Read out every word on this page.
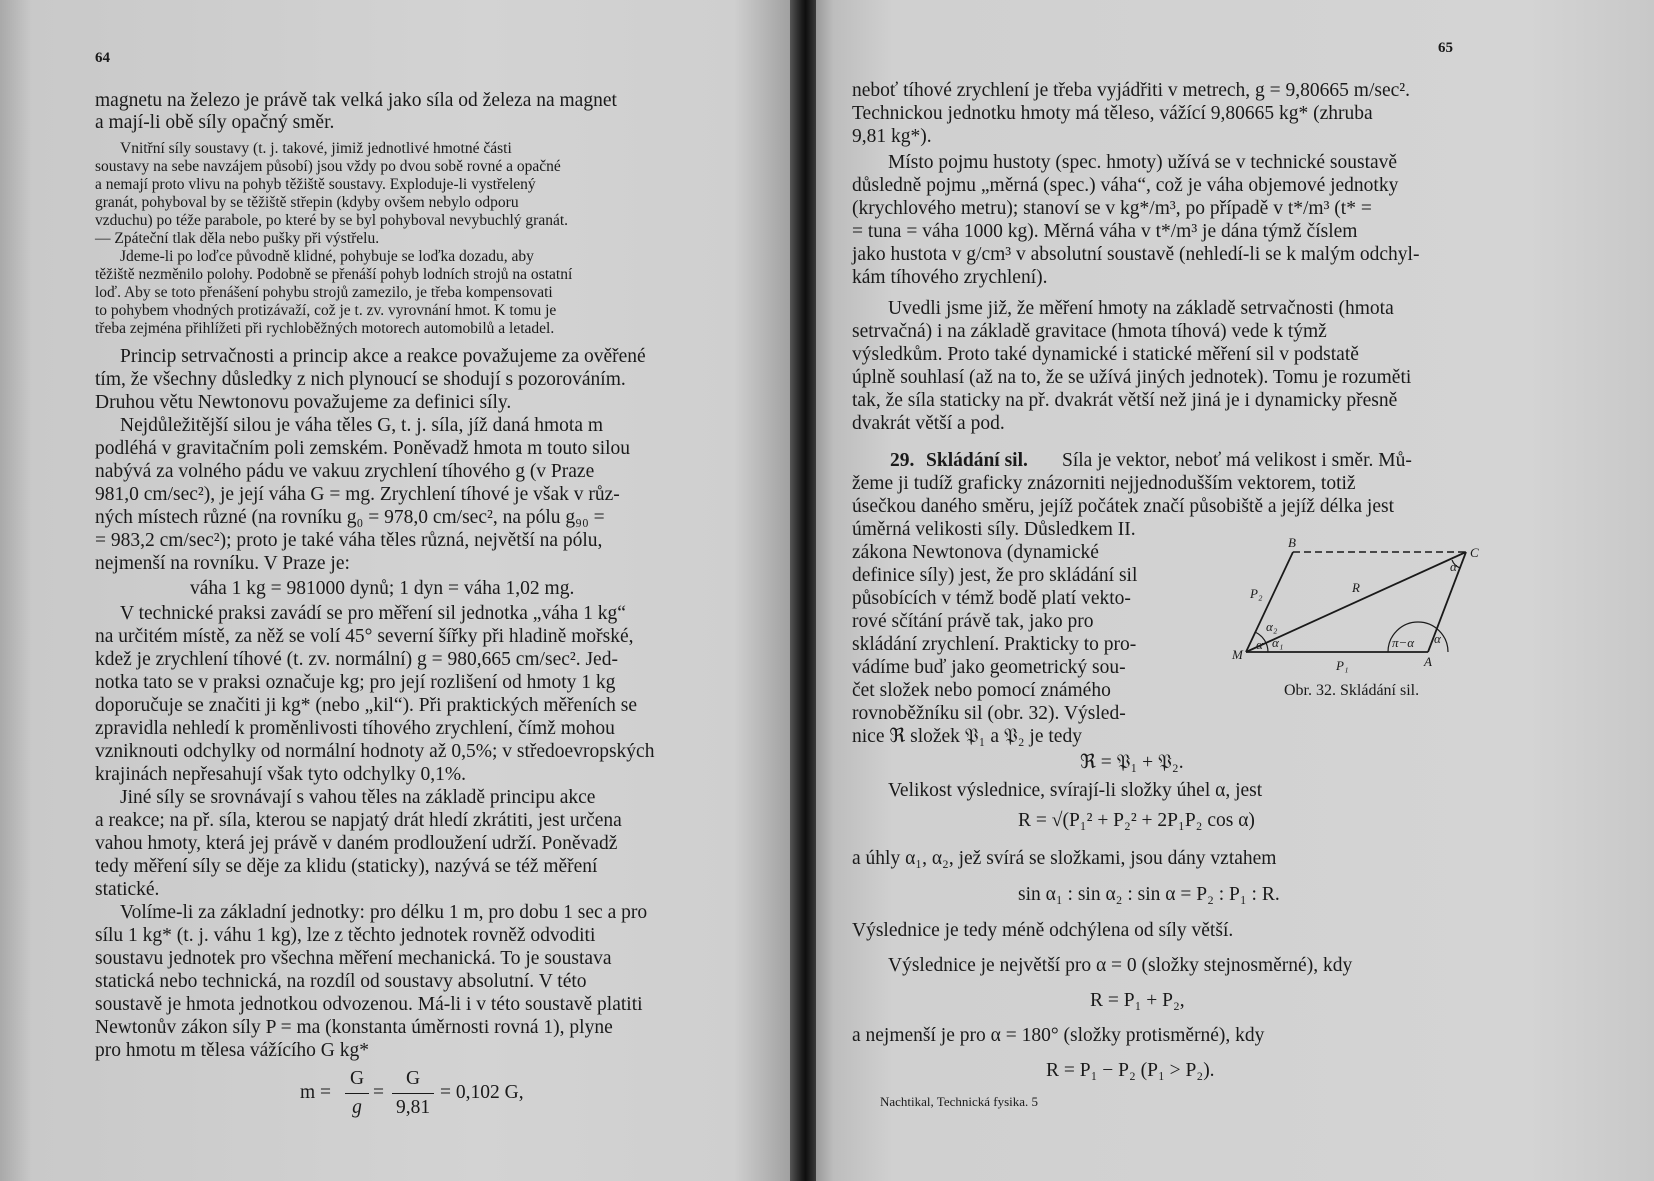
64
magnetu na železo je právě tak velká jako síla od železa na magnet
a mají-li obě síly opačný směr.
Vnitřní síly soustavy (t. j. takové, jimiž jednotlivé hmotné části
soustavy na sebe navzájem působí) jsou vždy po dvou sobě rovné a opačné
a nemají proto vlivu na pohyb těžiště soustavy. Exploduje-li vystřelený
granát, pohyboval by se těžiště střepin (kdyby ovšem nebylo odporu
vzduchu) po téže parabole, po které by se byl pohyboval nevybuchlý granát.
— Zpáteční tlak děla nebo pušky při výstřelu.
Jdeme-li po loďce původně klidné, pohybuje se loďka dozadu, aby
těžiště nezměnilo polohy. Podobně se přenáší pohyb lodních strojů na ostatní
loď. Aby se toto přenášení pohybu strojů zamezilo, je třeba kompensovati
to pohybem vhodných protizávaží, což je t. zv. vyrovnání hmot. K tomu je
třeba zejména přihlížeti při rychloběžných motorech automobilů a letadel.
Princip setrvačnosti a princip akce a reakce považujeme za ověřené
tím, že všechny důsledky z nich plynoucí se shodují s pozorováním.
Druhou větu Newtonovu považujeme za definici síly.
Nejdůležitější silou je váha těles G, t. j. síla, jíž daná hmota m
podléhá v gravitačním poli zemském. Poněvadž hmota m touto silou
nabývá za volného pádu ve vakuu zrychlení tíhového g (v Praze
981,0 cm/sec²), je její váha G = mg. Zrychlení tíhové je však v růz-
ných místech různé (na rovníku g₀ = 978,0 cm/sec², na pólu g₉₀ =
= 983,2 cm/sec²); proto je také váha těles různá, největší na pólu,
nejmenší na rovníku. V Praze je:
váha 1 kg = 981000 dynů; 1 dyn = váha 1,02 mg.
V technické praksi zavádí se pro měření sil jednotka „váha 1 kg“
na určitém místě, za něž se volí 45° severní šířky při hladině mořské,
kdež je zrychlení tíhové (t. zv. normální) g = 980,665 cm/sec². Jed-
notka tato se v praksi označuje kg; pro její rozlišení od hmoty 1 kg
doporučuje se značiti ji kg* (nebo „kil“). Při praktických měřeních se
zpravidla nehledí k proměnlivosti tíhového zrychlení, čímž mohou
vzniknouti odchylky od normální hodnoty až 0,5%; v středoevropských
krajinách nepřesahují však tyto odchylky 0,1%.
Jiné síly se srovnávají s vahou těles na základě principu akce
a reakce; na př. síla, kterou se napjatý drát hledí zkrátiti, jest určena
vahou hmoty, která jej právě v daném prodloužení udrží. Poněvadž
tedy měření síly se děje za klidu (staticky), nazývá se též měření
statické.
Volíme-li za základní jednotky: pro délku 1 m, pro dobu 1 sec a pro
sílu 1 kg* (t. j. váhu 1 kg), lze z těchto jednotek rovněž odvoditi
soustavu jednotek pro všechna měření mechanická. To je soustava
statická nebo technická, na rozdíl od soustavy absolutní. V této
soustavě je hmota jednotkou odvozenou. Má-li i v této soustavě platiti
Newtonův zákon síly P = ma (konstanta úměrnosti rovná 1), plyne
pro hmotu m tělesa vážícího G kg*
m =
G
g
=
G
9,81
= 0,102 G,
65
neboť tíhové zrychlení je třeba vyjádřiti v metrech, g = 9,80665 m/sec².
Technickou jednotku hmoty má těleso, vážící 9,80665 kg* (zhruba
9,81 kg*).
Místo pojmu hustoty (spec. hmoty) užívá se v technické soustavě
důsledně pojmu „měrná (spec.) váha“, což je váha objemové jednotky
(krychlového metru); stanoví se v kg*/m³, po případě v t*/m³ (t* =
= tuna = váha 1000 kg). Měrná váha v t*/m³ je dána týmž číslem
jako hustota v g/cm³ v absolutní soustavě (nehledí-li se k malým odchyl-
kám tíhového zrychlení).
Uvedli jsme již, že měření hmoty na základě setrvačnosti (hmota
setrvačná) i na základě gravitace (hmota tíhová) vede k týmž
výsledkům. Proto také dynamické i statické měření sil v podstatě
úplně souhlasí (až na to, že se užívá jiných jednotek). Tomu je rozuměti
tak, že síla staticky na př. dvakrát větší než jiná je i dynamicky přesně
dvakrát větší a pod.
29. Skládání sil. Síla je vektor, neboť má velikost i směr. Mů-
žeme ji tudíž graficky znázorniti nejjednodušším vektorem, totiž
úsečkou daného směru, jejíž počátek značí působiště a jejíž délka jest
úměrná velikosti síly. Důsledkem II.
zákona Newtonova (dynamické
definice síly) jest, že pro skládání sil
působících v témž bodě platí vekto-
rové sčítání právě tak, jako pro
skládání zrychlení. Prakticky to pro-
vádíme buď jako geometrický sou-
čet složek nebo pomocí známého
rovnoběžníku sil (obr. 32). Výsled-
nice ℜ složek 𝔓₁ a 𝔓₂ je tedy
M	A
B
C
R
P₁
P₂
α α₁
α₂
π−α α
α
Obr. 32. Skládání sil.
ℜ = 𝔓₁ + 𝔓₂.
Velikost výslednice, svírají-li složky úhel α, jest
R = √(P₁² + P₂² + 2P₁P₂ cos α)
a úhly α₁, α₂, jež svírá se složkami, jsou dány vztahem
sin α₁ : sin α₂ : sin α = P₂ : P₁ : R.
Výslednice je tedy méně odchýlena od síly větší.
Výslednice je největší pro α = 0 (složky stejnosměrné), kdy
R = P₁ + P₂,
a nejmenší je pro α = 180° (složky protisměrné), kdy
R = P₁ − P₂ (P₁ > P₂).
Nachtikal, Technická fysika. 5
